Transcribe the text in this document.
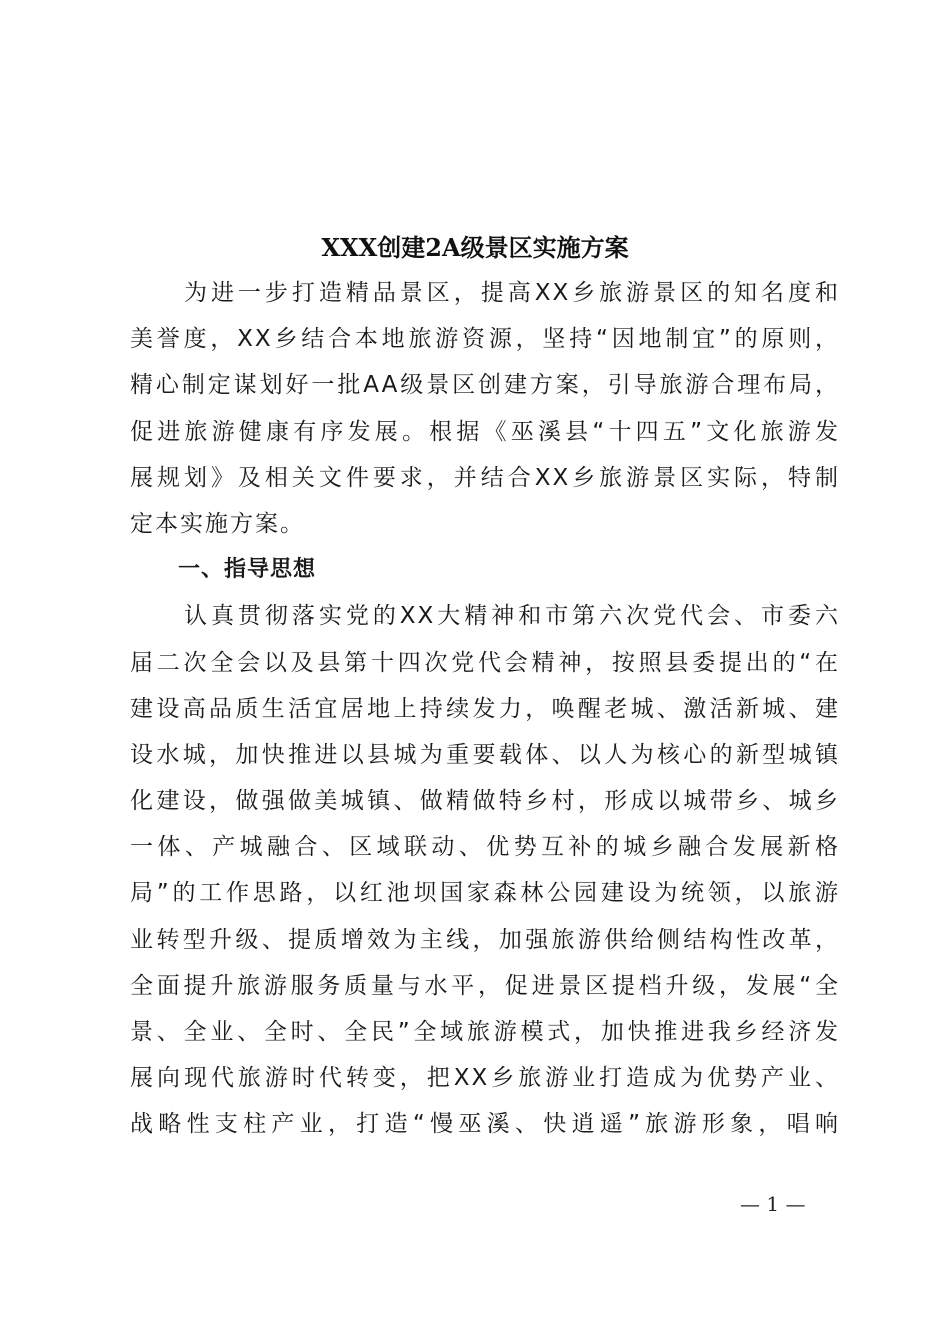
XXX创建2A级景区实施方案
　　为进一步打造精品景区，提高XX乡旅游景区的知名度和
美誉度，XX乡结合本地旅游资源，坚持“因地制宜”的原则，
精心制定谋划好一批AA级景区创建方案，引导旅游合理布局，
促进旅游健康有序发展。根据《巫溪县“十四五”文化旅游发
展规划》及相关文件要求，并结合XX乡旅游景区实际，特制
定本实施方案。
一、指导思想
　　认真贯彻落实党的XX大精神和市第六次党代会、市委六
届二次全会以及县第十四次党代会精神，按照县委提出的“在
建设高品质生活宜居地上持续发力，唤醒老城、激活新城、建
设水城，加快推进以县城为重要载体、以人为核心的新型城镇
化建设，做强做美城镇、做精做特乡村，形成以城带乡、城乡
一体、产城融合、区域联动、优势互补的城乡融合发展新格
局”的工作思路，以红池坝国家森林公园建设为统领，以旅游
业转型升级、提质增效为主线，加强旅游供给侧结构性改革，
全面提升旅游服务质量与水平，促进景区提档升级，发展“全
景、全业、全时、全民”全域旅游模式，加快推进我乡经济发
展向现代旅游时代转变，把XX乡旅游业打造成为优势产业、
战略性支柱产业，打造“慢巫溪、快逍遥”旅游形象，唱响
— 1 —
